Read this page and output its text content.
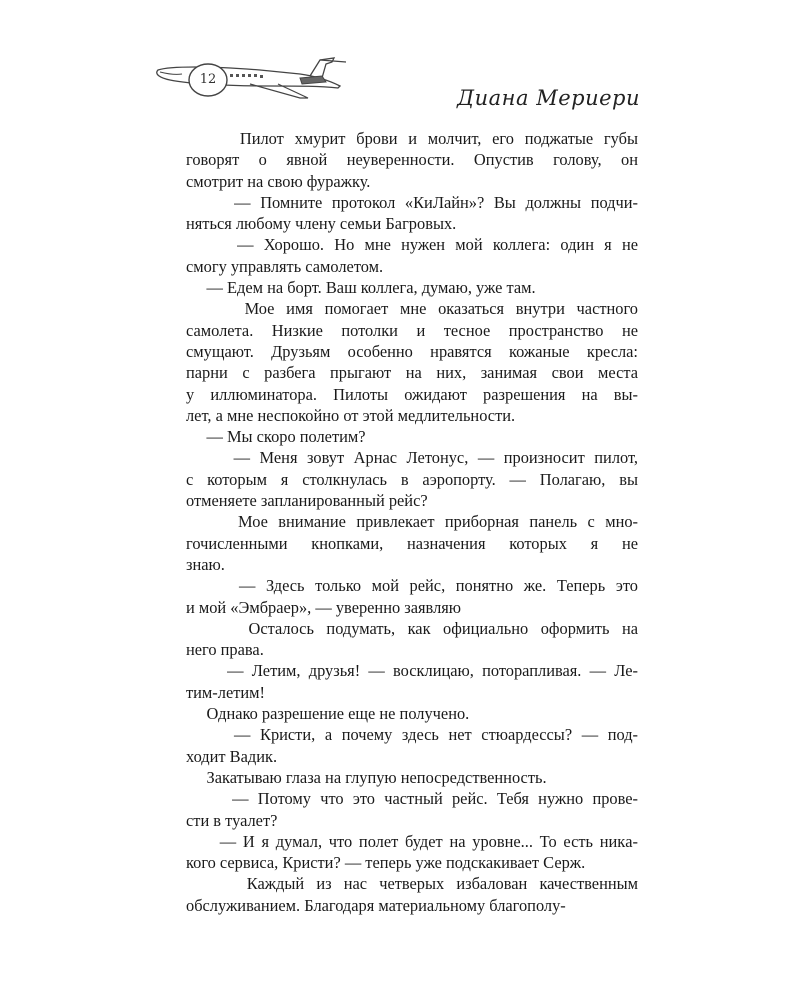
12
Диана Мериери
Пилот хмурит брови и молчит, его поджатые губы
говорят о явной неуверенности. Опустив голову, он
смотрит на свою фуражку.
— Помните протокол «КиЛайн»? Вы должны подчи-
няться любому члену семьи Багровых.
— Хорошо. Но мне нужен мой коллега: один я не
смогу управлять самолетом.
— Едем на борт. Ваш коллега, думаю, уже там.
Мое имя помогает мне оказаться внутри частного
самолета. Низкие потолки и тесное пространство не
смущают. Друзьям особенно нравятся кожаные кресла:
парни с разбега прыгают на них, занимая свои места
у иллюминатора. Пилоты ожидают разрешения на вы-
лет, а мне неспокойно от этой медлительности.
— Мы скоро полетим?
— Меня зовут Арнас Летонус, — произносит пилот,
с которым я столкнулась в аэропорту. — Полагаю, вы
отменяете запланированный рейс?
Мое внимание привлекает приборная панель с мно-
гочисленными кнопками, назначения которых я не
знаю.
— Здесь только мой рейс, понятно же. Теперь это
и мой «Эмбраер», — уверенно заявляю
Осталось подумать, как официально оформить на
него права.
— Летим, друзья! — восклицаю, поторапливая. — Ле-
тим-летим!
Однако разрешение еще не получено.
— Кристи, а почему здесь нет стюардессы? — под-
ходит Вадик.
Закатываю глаза на глупую непосредственность.
— Потому что это частный рейс. Тебя нужно прове-
сти в туалет?
— И я думал, что полет будет на уровне... То есть никa-
кого сервиса, Кристи? — теперь уже подскакивает Серж.
Каждый из нас четверых избалован качественным
обслуживанием. Благодаря материальному благополу-
